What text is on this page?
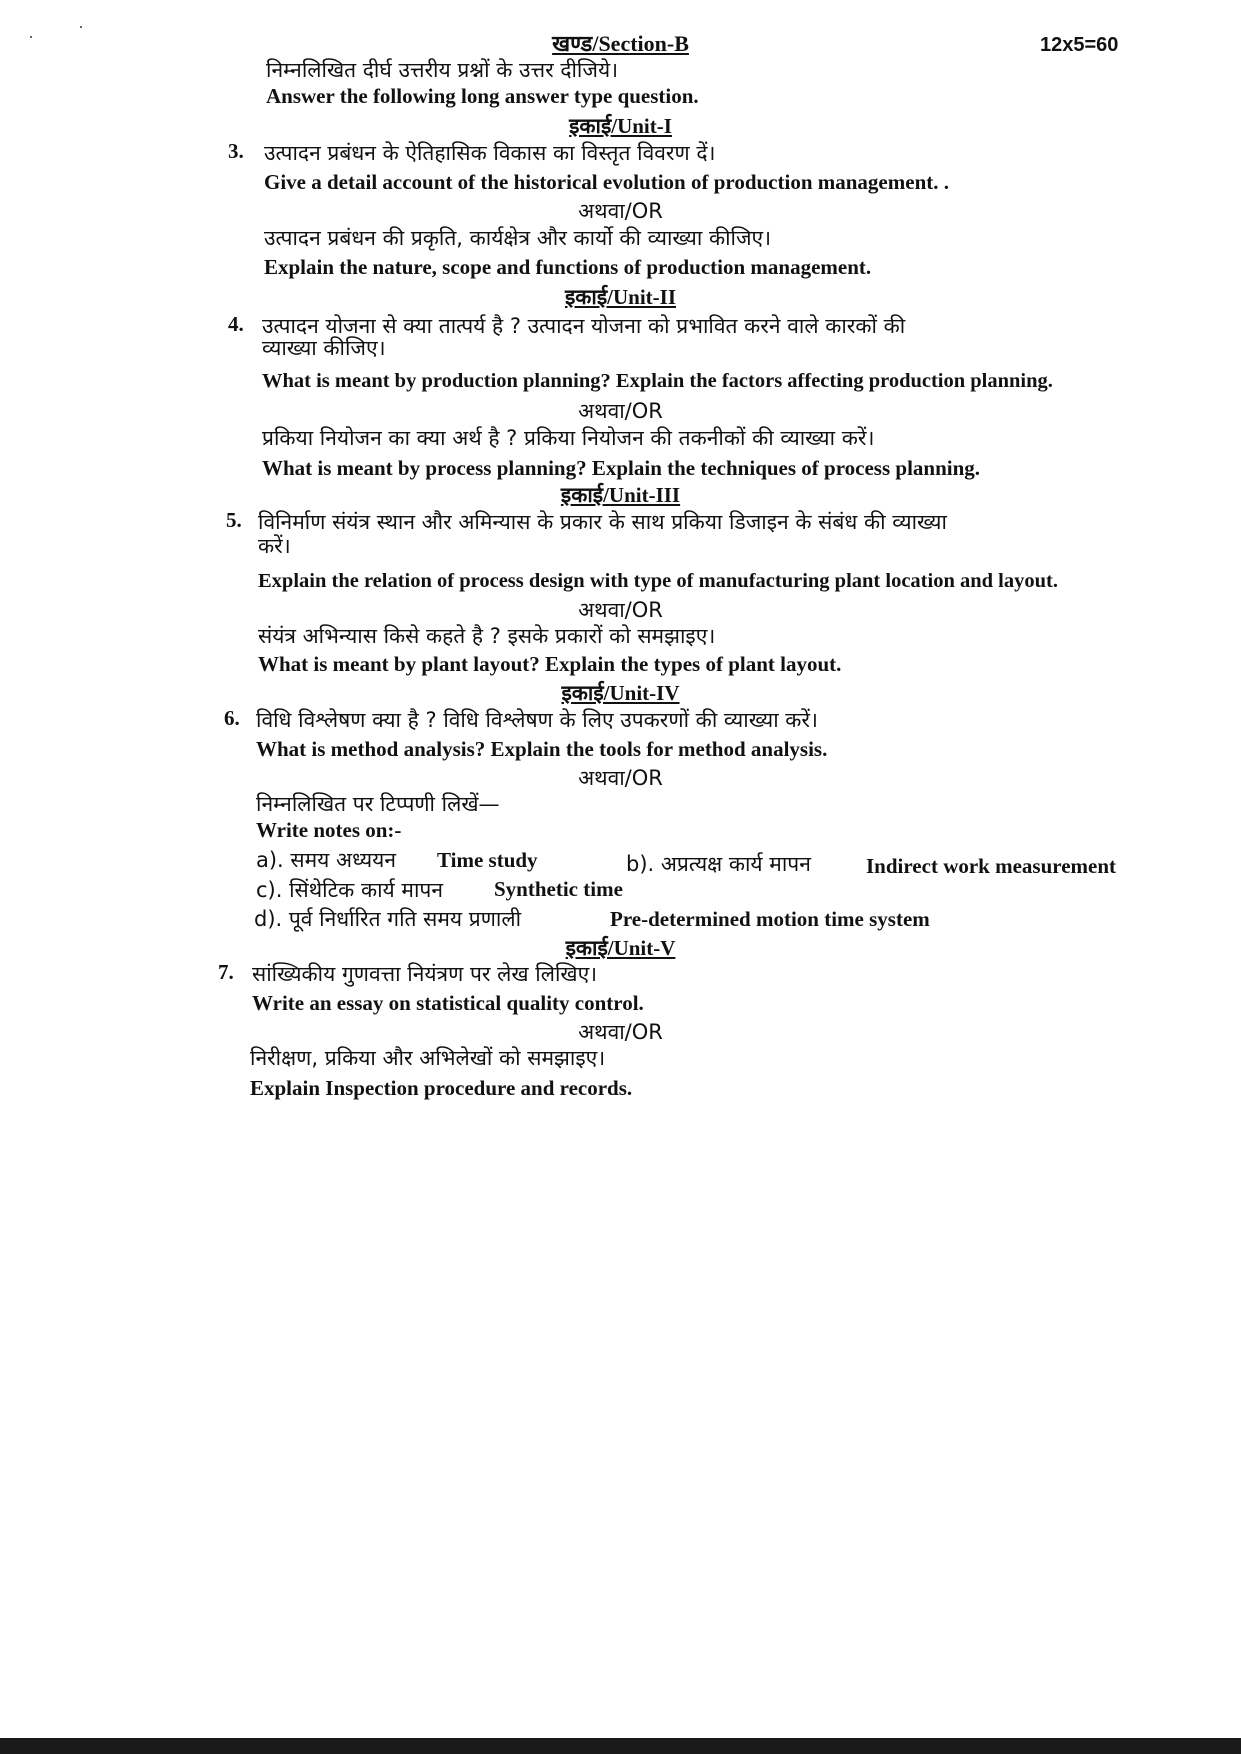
खण्ड/Section-B	12x5=60
निम्नलिखित दीर्घ उत्तरीय प्रश्नों के उत्तर दीजिये।
Answer the following long answer type question.
इकाई/Unit-I
3. उत्पादन प्रबंधन के ऐतिहासिक विकास का विस्तृत विवरण दें।
Give a detail account of the historical evolution of production management. .
अथवा/OR
उत्पादन प्रबंधन की प्रकृति, कार्यक्षेत्र और कार्यो की व्याख्या कीजिए।
Explain the nature, scope and functions of production management.
इकाई/Unit-II
4. उत्पादन योजना से क्या तात्पर्य है ? उत्पादन योजना को प्रभावित करने वाले कारकों की
व्याख्या कीजिए।
What is meant by production planning? Explain the factors affecting production planning.
अथवा/OR
प्रकिया नियोजन का क्या अर्थ है ? प्रकिया नियोजन की तकनीकों की व्याख्या करें।
What is meant by process planning? Explain the techniques of process planning.
इकाई/Unit-III
5. विनिर्माण संयंत्र स्थान और अमिन्यास के प्रकार के साथ प्रकिया डिजाइन के संबंध की व्याख्या
करें।
Explain the relation of process design with type of manufacturing plant location and layout.
अथवा/OR
संयंत्र अभिन्यास किसे कहते है ? इसके प्रकारों को समझाइए।
What is meant by plant layout? Explain the types of plant layout.
इकाई/Unit-IV
6. विधि विश्लेषण क्या है ? विधि विश्लेषण के लिए उपकरणों की व्याख्या करें।
What is method analysis? Explain the tools for method analysis.
अथवा/OR
निम्नलिखित पर टिप्पणी लिखें—
Write notes on:-
a). समय अध्ययन Time study	b). अप्रत्यक्ष कार्य मापन	Indirect work measurement
c). सिंथेटिक कार्य मापन Synthetic time
d). पूर्व निर्धारित गति समय प्रणाली	Pre-determined motion time system
इकाई/Unit-V
7. सांख्यिकीय गुणवत्ता नियंत्रण पर लेख लिखिए।
Write an essay on statistical quality control.
अथवा/OR
निरीक्षण, प्रकिया और अभिलेखों को समझाइए।
Explain Inspection procedure and records.
